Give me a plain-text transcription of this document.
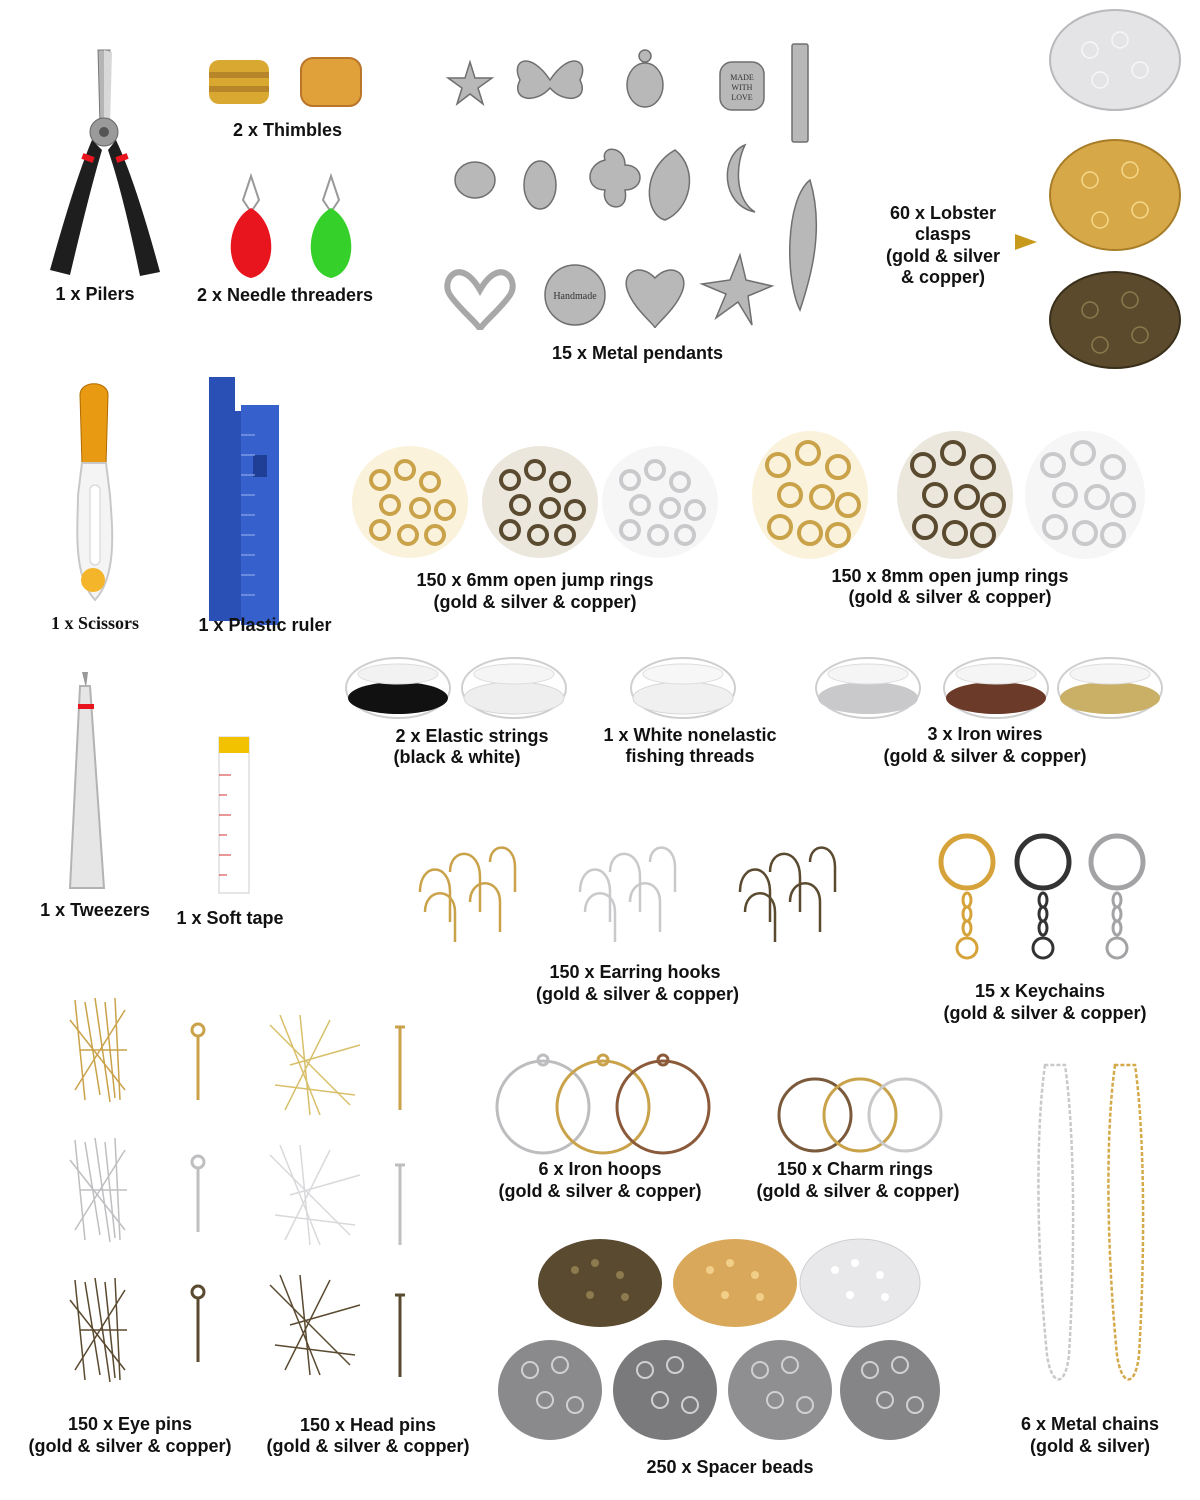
1 x Pilers
2 x Thimbles
2 x Needle threaders
MADE
WITH
LOVE
Handmade
15 x Metal pendants
60 x Lobster
clasps
(gold & silver
& copper)
1 x Scissors	1 x Plastic ruler
150 x 6mm open jump rings
(gold & silver & copper)
150 x 8mm open jump rings
(gold & silver & copper)
2 x Elastic strings
(black & white)
1 x White nonelastic
fishing threads
3 x Iron wires
(gold & silver & copper)
1 x Tweezers	1 x Soft tape
150 x Earring hooks
(gold & silver & copper)	15 x Keychains
(gold & silver & copper)
150 x Eye pins
(gold & silver & copper)
150 x Head pins
(gold & silver & copper)
6 x Iron hoops
(gold & silver & copper)
150 x Charm rings
(gold & silver & copper)
6 x Metal chains
(gold & silver)
250 x Spacer beads
